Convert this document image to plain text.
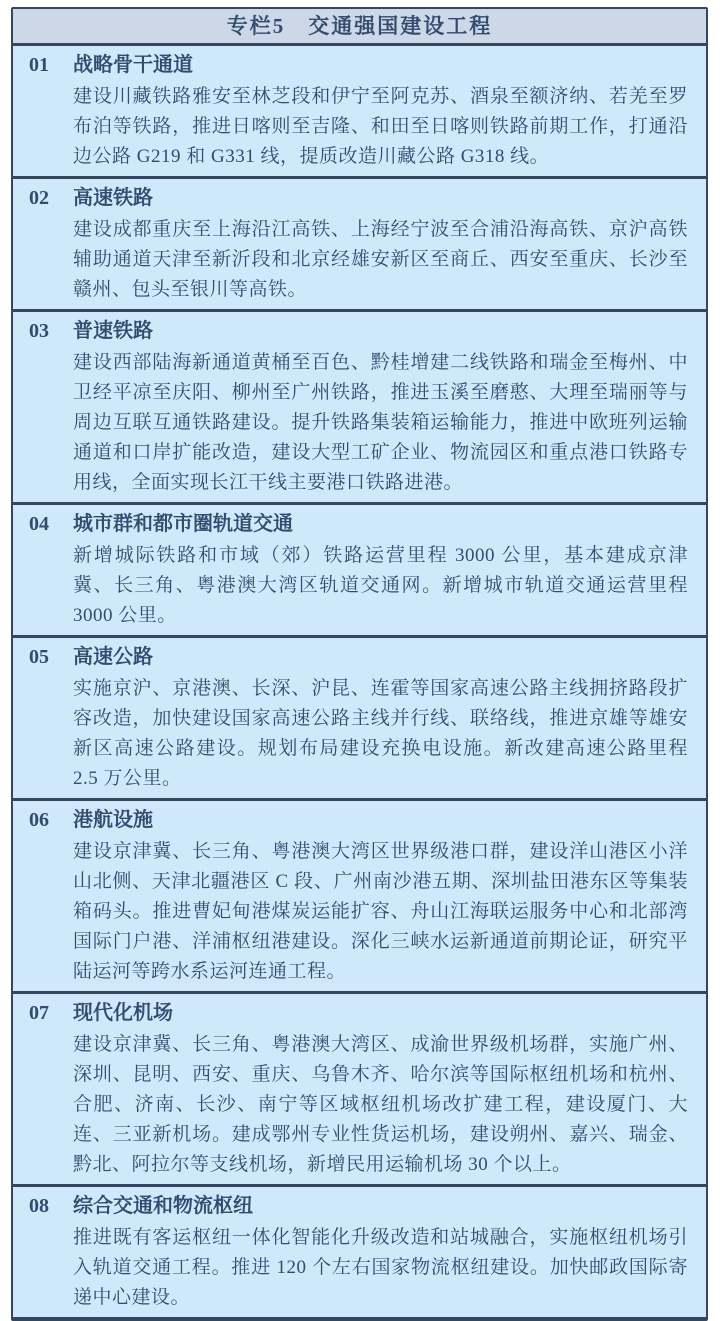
专栏5　交通强国建设工程
01	战略骨干通道

建设川藏铁路雅安至林芝段和伊宁至阿克苏、酒泉至额济纳、若羌至罗布泊等铁路，推进日喀则至吉隆、和田至日喀则铁路前期工作，打通沿边公路 G219 和 G331 线，提质改造川藏公路 G318 线。

02	高速铁路

建设成都重庆至上海沿江高铁、上海经宁波至合浦沿海高铁、京沪高铁辅助通道天津至新沂段和北京经雄安新区至商丘、西安至重庆、长沙至赣州、包头至银川等高铁。

03	普速铁路

建设西部陆海新通道黄桶至百色、黔桂增建二线铁路和瑞金至梅州、中卫经平凉至庆阳、柳州至广州铁路，推进玉溪至磨憨、大理至瑞丽等与周边互联互通铁路建设。提升铁路集装箱运输能力，推进中欧班列运输通道和口岸扩能改造，建设大型工矿企业、物流园区和重点港口铁路专用线，全面实现长江干线主要港口铁路进港。

04	城市群和都市圈轨道交通

新增城际铁路和市域（郊）铁路运营里程 3000 公里，基本建成京津冀、长三角、粤港澳大湾区轨道交通网。新增城市轨道交通运营里程 3000 公里。

05	高速公路

实施京沪、京港澳、长深、沪昆、连霍等国家高速公路主线拥挤路段扩容改造，加快建设国家高速公路主线并行线、联络线，推进京雄等雄安新区高速公路建设。规划布局建设充换电设施。新改建高速公路里程 2.5 万公里。

06	港航设施

建设京津冀、长三角、粤港澳大湾区世界级港口群，建设洋山港区小洋山北侧、天津北疆港区 C 段、广州南沙港五期、深圳盐田港东区等集装箱码头。推进曹妃甸港煤炭运能扩容、舟山江海联运服务中心和北部湾国际门户港、洋浦枢纽港建设。深化三峡水运新通道前期论证，研究平陆运河等跨水系运河连通工程。

07	现代化机场

建设京津冀、长三角、粤港澳大湾区、成渝世界级机场群，实施广州、深圳、昆明、西安、重庆、乌鲁木齐、哈尔滨等国际枢纽机场和杭州、合肥、济南、长沙、南宁等区域枢纽机场改扩建工程，建设厦门、大连、三亚新机场。建成鄂州专业性货运机场，建设朔州、嘉兴、瑞金、黔北、阿拉尔等支线机场，新增民用运输机场 30 个以上。

08	综合交通和物流枢纽

推进既有客运枢纽一体化智能化升级改造和站城融合，实施枢纽机场引入轨道交通工程。推进 120 个左右国家物流枢纽建设。加快邮政国际寄递中心建设。
